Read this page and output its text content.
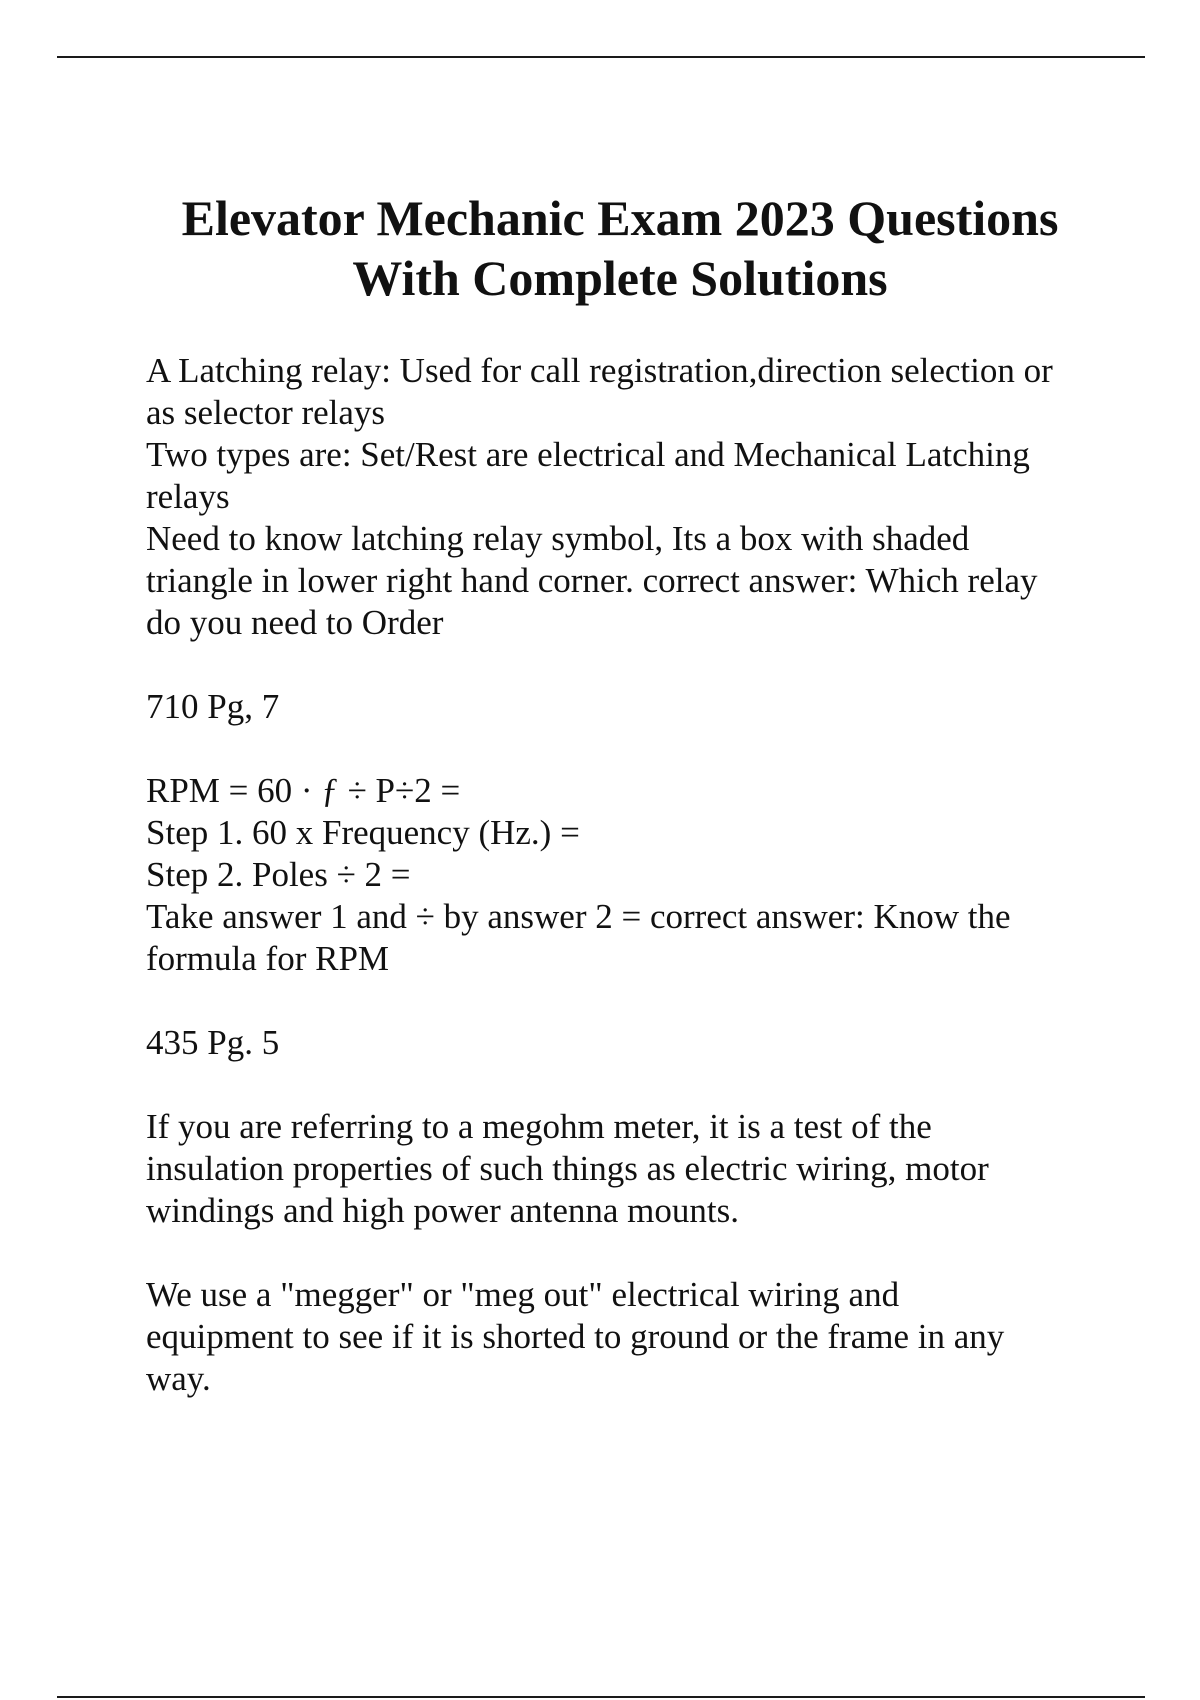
Elevator Mechanic Exam 2023 Questions
With Complete Solutions

A Latching relay: Used for call registration,direction selection or
as selector relays
Two types are: Set/Rest are electrical and Mechanical Latching
relays
Need to know latching relay symbol, Its a box with shaded
triangle in lower right hand corner. correct answer: Which relay
do you need to Order

710 Pg, 7

RPM = 60 · ƒ ÷ P÷2 =
Step 1. 60 x Frequency (Hz.) =
Step 2. Poles ÷ 2 =
Take answer 1 and ÷ by answer 2 = correct answer: Know the
formula for RPM

435 Pg. 5

If you are referring to a megohm meter, it is a test of the
insulation properties of such things as electric wiring, motor
windings and high power antenna mounts.

We use a "megger" or "meg out" electrical wiring and
equipment to see if it is shorted to ground or the frame in any
way.
